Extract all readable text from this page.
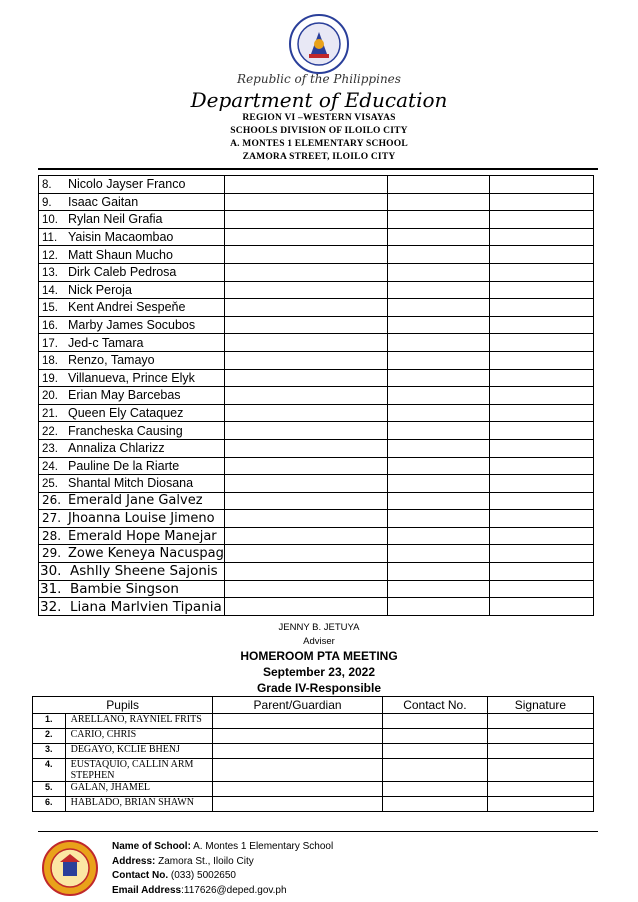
Republic of the Philippines
Department of Education
REGION VI –WESTERN VISAYAS
SCHOOLS DIVISION OF ILOILO CITY
A. MONTES 1 ELEMENTARY SCHOOL
ZAMORA STREET, ILOILO CITY
8. Nicolo Jayser Franco			
9. Isaac Gaitan			
10. Rylan Neil Grafia			
11. Yaisin Macaombao			
12. Matt Shaun Mucho			
13. Dirk Caleb Pedrosa			
14. Nick Peroja			
15. Kent Andrei Sespeňe			
16. Marby James Socubos			
17. Jed-c Tamara			
18. Renzo, Tamayo			
19. Villanueva, Prince Elyk			
20. Erian May Barcebas			
21. Queen Ely Cataquez			
22. Francheska Causing			
23. Annaliza Chlarizz			
24. Pauline De la Riarte			
25. Shantal Mitch Diosana			
26. Emerald Jane Galvez			
27. Jhoanna Louise Jimeno			
28. Emerald Hope Manejar			
29. Zowe Keneya Nacuspag			
30. Ashlly Sheene Sajonis			
31. Bambie Singson			
32. Liana Marlvien Tipania			
JENNY B. JETUYA
Adviser
HOMEROOM PTA MEETING
September 23, 2022
Grade IV-Responsible
Pupils		Parent/Guardian	Contact No.	Signature
1.	ARELLANO, RAYNIEL FRITS			
2.	CARIO, CHRIS			
3.	DEGAYO, KCLIE BHENJ			
4.	EUSTAQUIO, CALLIN ARM STEPHEN			
5.	GALAN, JHAMEL			
6.	HABLADO, BRIAN SHAWN			
Name of School: A. Montes 1 Elementary School
Address: Zamora St., Iloilo City
Contact No. (033) 5002650
Email Address:117626@deped.gov.ph
